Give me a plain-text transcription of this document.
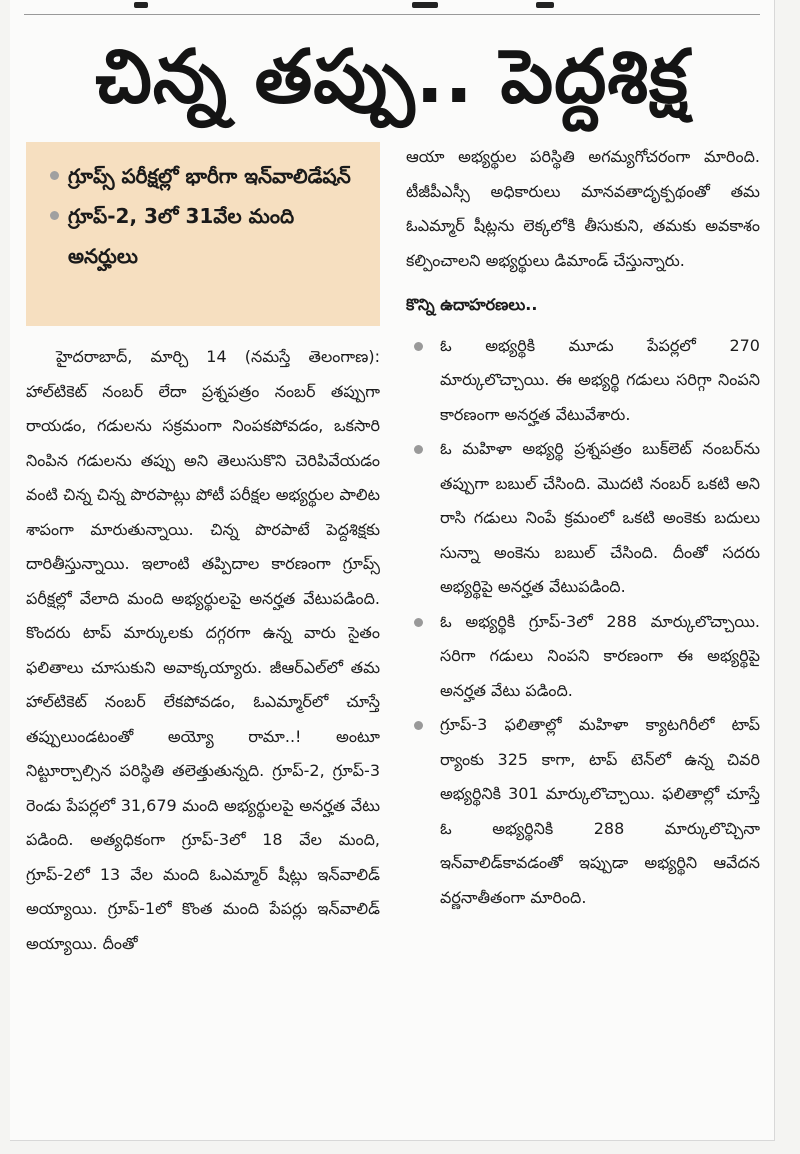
చిన్న తప్పు.. పెద్దశిక్ష
గ్రూప్స్ పరీక్షల్లో భారీగా ఇన్‌వాలిడేషన్
గ్రూప్-2, 3లో 31వేల మంది అనర్హులు

హైదరాబాద్, మార్చి 14 (నమస్తే తెలంగాణ): హాల్‌టికెట్ నంబర్ లేదా ప్రశ్నపత్రం నంబర్ తప్పుగా రాయడం, గడులను సక్రమంగా నింపకపోవడం, ఒకసారి నింపిన గడులను తప్పు అని తెలుసుకొని చెరిపివేయడం వంటి చిన్న చిన్న పొరపాట్లు పోటీ పరీక్షల అభ్యర్థుల పాలిట శాపంగా మారుతున్నాయి. చిన్న పొరపాటే పెద్దశిక్షకు దారితీస్తున్నాయి. ఇలాంటి తప్పిదాల కారణంగా గ్రూప్స్ పరీక్షల్లో వేలాది మంది అభ్యర్థులపై అనర్హత వేటుపడింది. కొందరు టాప్ మార్కులకు దగ్గరగా ఉన్న వారు సైతం ఫలితాలు చూసుకుని అవాక్కయ్యారు. జీఆర్‌ఎల్‌లో తమ హాల్‌టికెట్ నంబర్ లేకపోవడం, ఓఎమ్మార్‌లో చూస్తే తప్పులుండటంతో అయ్యో రామా..! అంటూ నిట్టూర్చాల్సిన పరిస్థితి తలెత్తుతున్నది. గ్రూప్-2, గ్రూప్-3 రెండు పేపర్లలో 31,679 మంది అభ్యర్థులపై అనర్హత వేటు పడింది. అత్యధికంగా గ్రూప్-3లో 18 వేల మంది, గ్రూప్-2లో 13 వేల మంది ఓఎమ్మార్ షీట్లు ఇన్‌వాలిడ్ అయ్యాయి. గ్రూప్-1లో కొంత మంది పేపర్లు ఇన్‌వాలిడ్ అయ్యాయి. దీంతో

ఆయా అభ్యర్థుల పరిస్థితి అగమ్యగోచరంగా మారింది. టీజీపీఎస్సీ అధికారులు మానవతాదృక్పథంతో తమ ఓఎమ్మార్ షీట్లను లెక్కలోకి తీసుకుని, తమకు అవకాశం కల్పించాలని అభ్యర్థులు డిమాండ్ చేస్తున్నారు.

కొన్ని ఉదాహరణలు..

ఓ అభ్యర్థికి మూడు పేపర్లలో 270 మార్కులొచ్చాయి. ఈ అభ్యర్థి గడులు సరిగ్గా నింపని కారణంగా అనర్హత వేటువేశారు.
ఓ మహిళా అభ్యర్థి ప్రశ్నపత్రం బుక్‌లెట్ నంబర్‌ను తప్పుగా బబుల్ చేసింది. మొదటి నంబర్ ఒకటి అని రాసి గడులు నింపే క్రమంలో ఒకటి అంకెకు బదులు సున్నా అంకెను బబుల్ చేసింది. దీంతో సదరు అభ్యర్థిపై అనర్హత వేటుపడింది.
ఓ అభ్యర్థికి గ్రూప్-3లో 288 మార్కులొచ్చాయి. సరిగా గడులు నింపని కారణంగా ఈ అభ్యర్థిపై అనర్హత వేటు పడింది.
గ్రూప్-3 ఫలితాల్లో మహిళా క్యాటగిరీలో టాప్ ర్యాంకు 325 కాగా, టాప్ టెన్‌లో ఉన్న చివరి అభ్యర్థినికి 301 మార్కులొచ్చాయి. ఫలితాల్లో చూస్తే ఓ అభ్యర్థినికి 288 మార్కులొచ్చినా ఇన్‌వాలిడ్‌కావడంతో ఇప్పుడా అభ్యర్థిని ఆవేదన వర్ణనాతీతంగా మారింది.
